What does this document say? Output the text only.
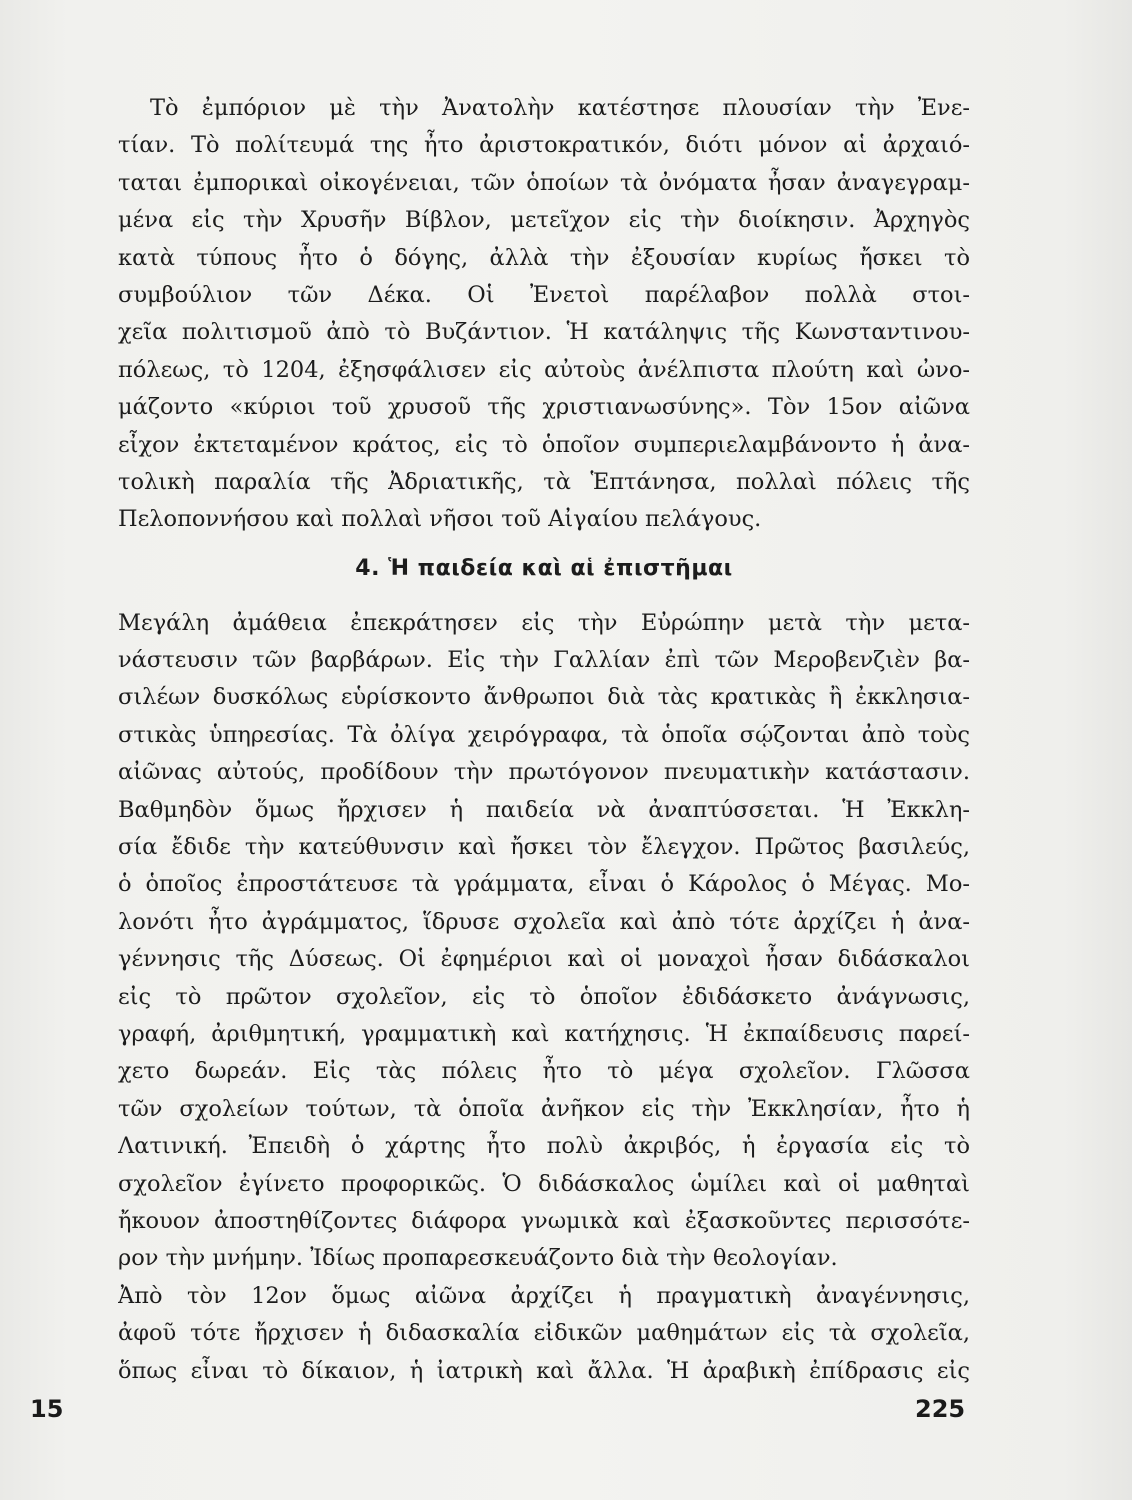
Τὸ ἐμπόριον μὲ τὴν Ἀνατολὴν κατέστησε πλουσίαν τὴν Ἐνε-
τίαν. Τὸ πολίτευμά της ἦτο ἀριστοκρατικόν, διότι μόνον αἱ ἀρχαιό-
ταται ἐμπορικαὶ οἰκογένειαι, τῶν ὁποίων τὰ ὀνόματα ἦσαν ἀναγεγραμ-
μένα εἰς τὴν Χρυσῆν Βίβλον, μετεῖχον εἰς τὴν διοίκησιν. Ἀρχηγὸς
κατὰ τύπους ἦτο ὁ δόγης, ἀλλὰ τὴν ἐξουσίαν κυρίως ἤσκει τὸ
συμβούλιον τῶν Δέκα. Οἱ Ἐνετοὶ παρέλαβον πολλὰ στοι-
χεῖα πολιτισμοῦ ἀπὸ τὸ Βυζάντιον. Ἡ κατάληψις τῆς Κωνσταντινου-
πόλεως, τὸ 1204, ἐξησφάλισεν εἰς αὐτοὺς ἀνέλπιστα πλούτη καὶ ὠνο-
μάζοντο «κύριοι τοῦ χρυσοῦ τῆς χριστιανωσύνης». Τὸν 15ον αἰῶνα
εἶχον ἐκτεταμένον κράτος, εἰς τὸ ὁποῖον συμπεριελαμβάνοντο ἡ ἀνα-
τολικὴ παραλία τῆς Ἀδριατικῆς, τὰ Ἑπτάνησα, πολλαὶ πόλεις τῆς
Πελοποννήσου καὶ πολλαὶ νῆσοι τοῦ Αἰγαίου πελάγους.
4. Ἡ παιδεία καὶ αἱ ἐπιστῆμαι
Μεγάλη ἀμάθεια ἐπεκράτησεν εἰς τὴν Εὐρώπην μετὰ τὴν μετα-
νάστευσιν τῶν βαρβάρων. Εἰς τὴν Γαλλίαν ἐπὶ τῶν Μεροβενζιὲν βα-
σιλέων δυσκόλως εὑρίσκοντο ἄνθρωποι διὰ τὰς κρατικὰς ἢ ἐκκλησια-
στικὰς ὑπηρεσίας. Τὰ ὀλίγα χειρόγραφα, τὰ ὁποῖα σῴζονται ἀπὸ τοὺς
αἰῶνας αὐτούς, προδίδουν τὴν πρωτόγονον πνευματικὴν κατάστασιν.
Βαθμηδὸν ὅμως ἤρχισεν ἡ παιδεία νὰ ἀναπτύσσεται. Ἡ Ἐκκλη-
σία ἔδιδε τὴν κατεύθυνσιν καὶ ἤσκει τὸν ἔλεγχον. Πρῶτος βασιλεύς,
ὁ ὁποῖος ἐπροστάτευσε τὰ γράμματα, εἶναι ὁ Κάρολος ὁ Μέγας. Μο-
λονότι ἦτο ἀγράμματος, ἵδρυσε σχολεῖα καὶ ἀπὸ τότε ἀρχίζει ἡ ἀνα-
γέννησις τῆς Δύσεως. Οἱ ἐφημέριοι καὶ οἱ μοναχοὶ ἦσαν διδάσκαλοι
εἰς τὸ πρῶτον σχολεῖον, εἰς τὸ ὁποῖον ἐδιδάσκετο ἀνάγνωσις,
γραφή, ἀριθμητική, γραμματικὴ καὶ κατήχησις. Ἡ ἐκπαίδευσις παρεί-
χετο δωρεάν. Εἰς τὰς πόλεις ἦτο τὸ μέγα σχολεῖον. Γλῶσσα
τῶν σχολείων τούτων, τὰ ὁποῖα ἀνῆκον εἰς τὴν Ἐκκλησίαν, ἦτο ἡ
Λατινική. Ἐπειδὴ ὁ χάρτης ἦτο πολὺ ἀκριβός, ἡ ἐργασία εἰς τὸ
σχολεῖον ἐγίνετο προφορικῶς. Ὁ διδάσκαλος ὡμίλει καὶ οἱ μαθηταὶ
ἤκουον ἀποστηθίζοντες διάφορα γνωμικὰ καὶ ἐξασκοῦντες περισσότε-
ρον τὴν μνήμην. Ἰδίως προπαρεσκευάζοντο διὰ τὴν θεολογίαν.
Ἀπὸ τὸν 12ον ὅμως αἰῶνα ἀρχίζει ἡ πραγματικὴ ἀναγέννησις,
ἀφοῦ τότε ἤρχισεν ἡ διδασκαλία εἰδικῶν μαθημάτων εἰς τὰ σχολεῖα,
ὅπως εἶναι τὸ δίκαιον, ἡ ἰατρικὴ καὶ ἄλλα. Ἡ ἀραβικὴ ἐπίδρασις εἰς
15	225
